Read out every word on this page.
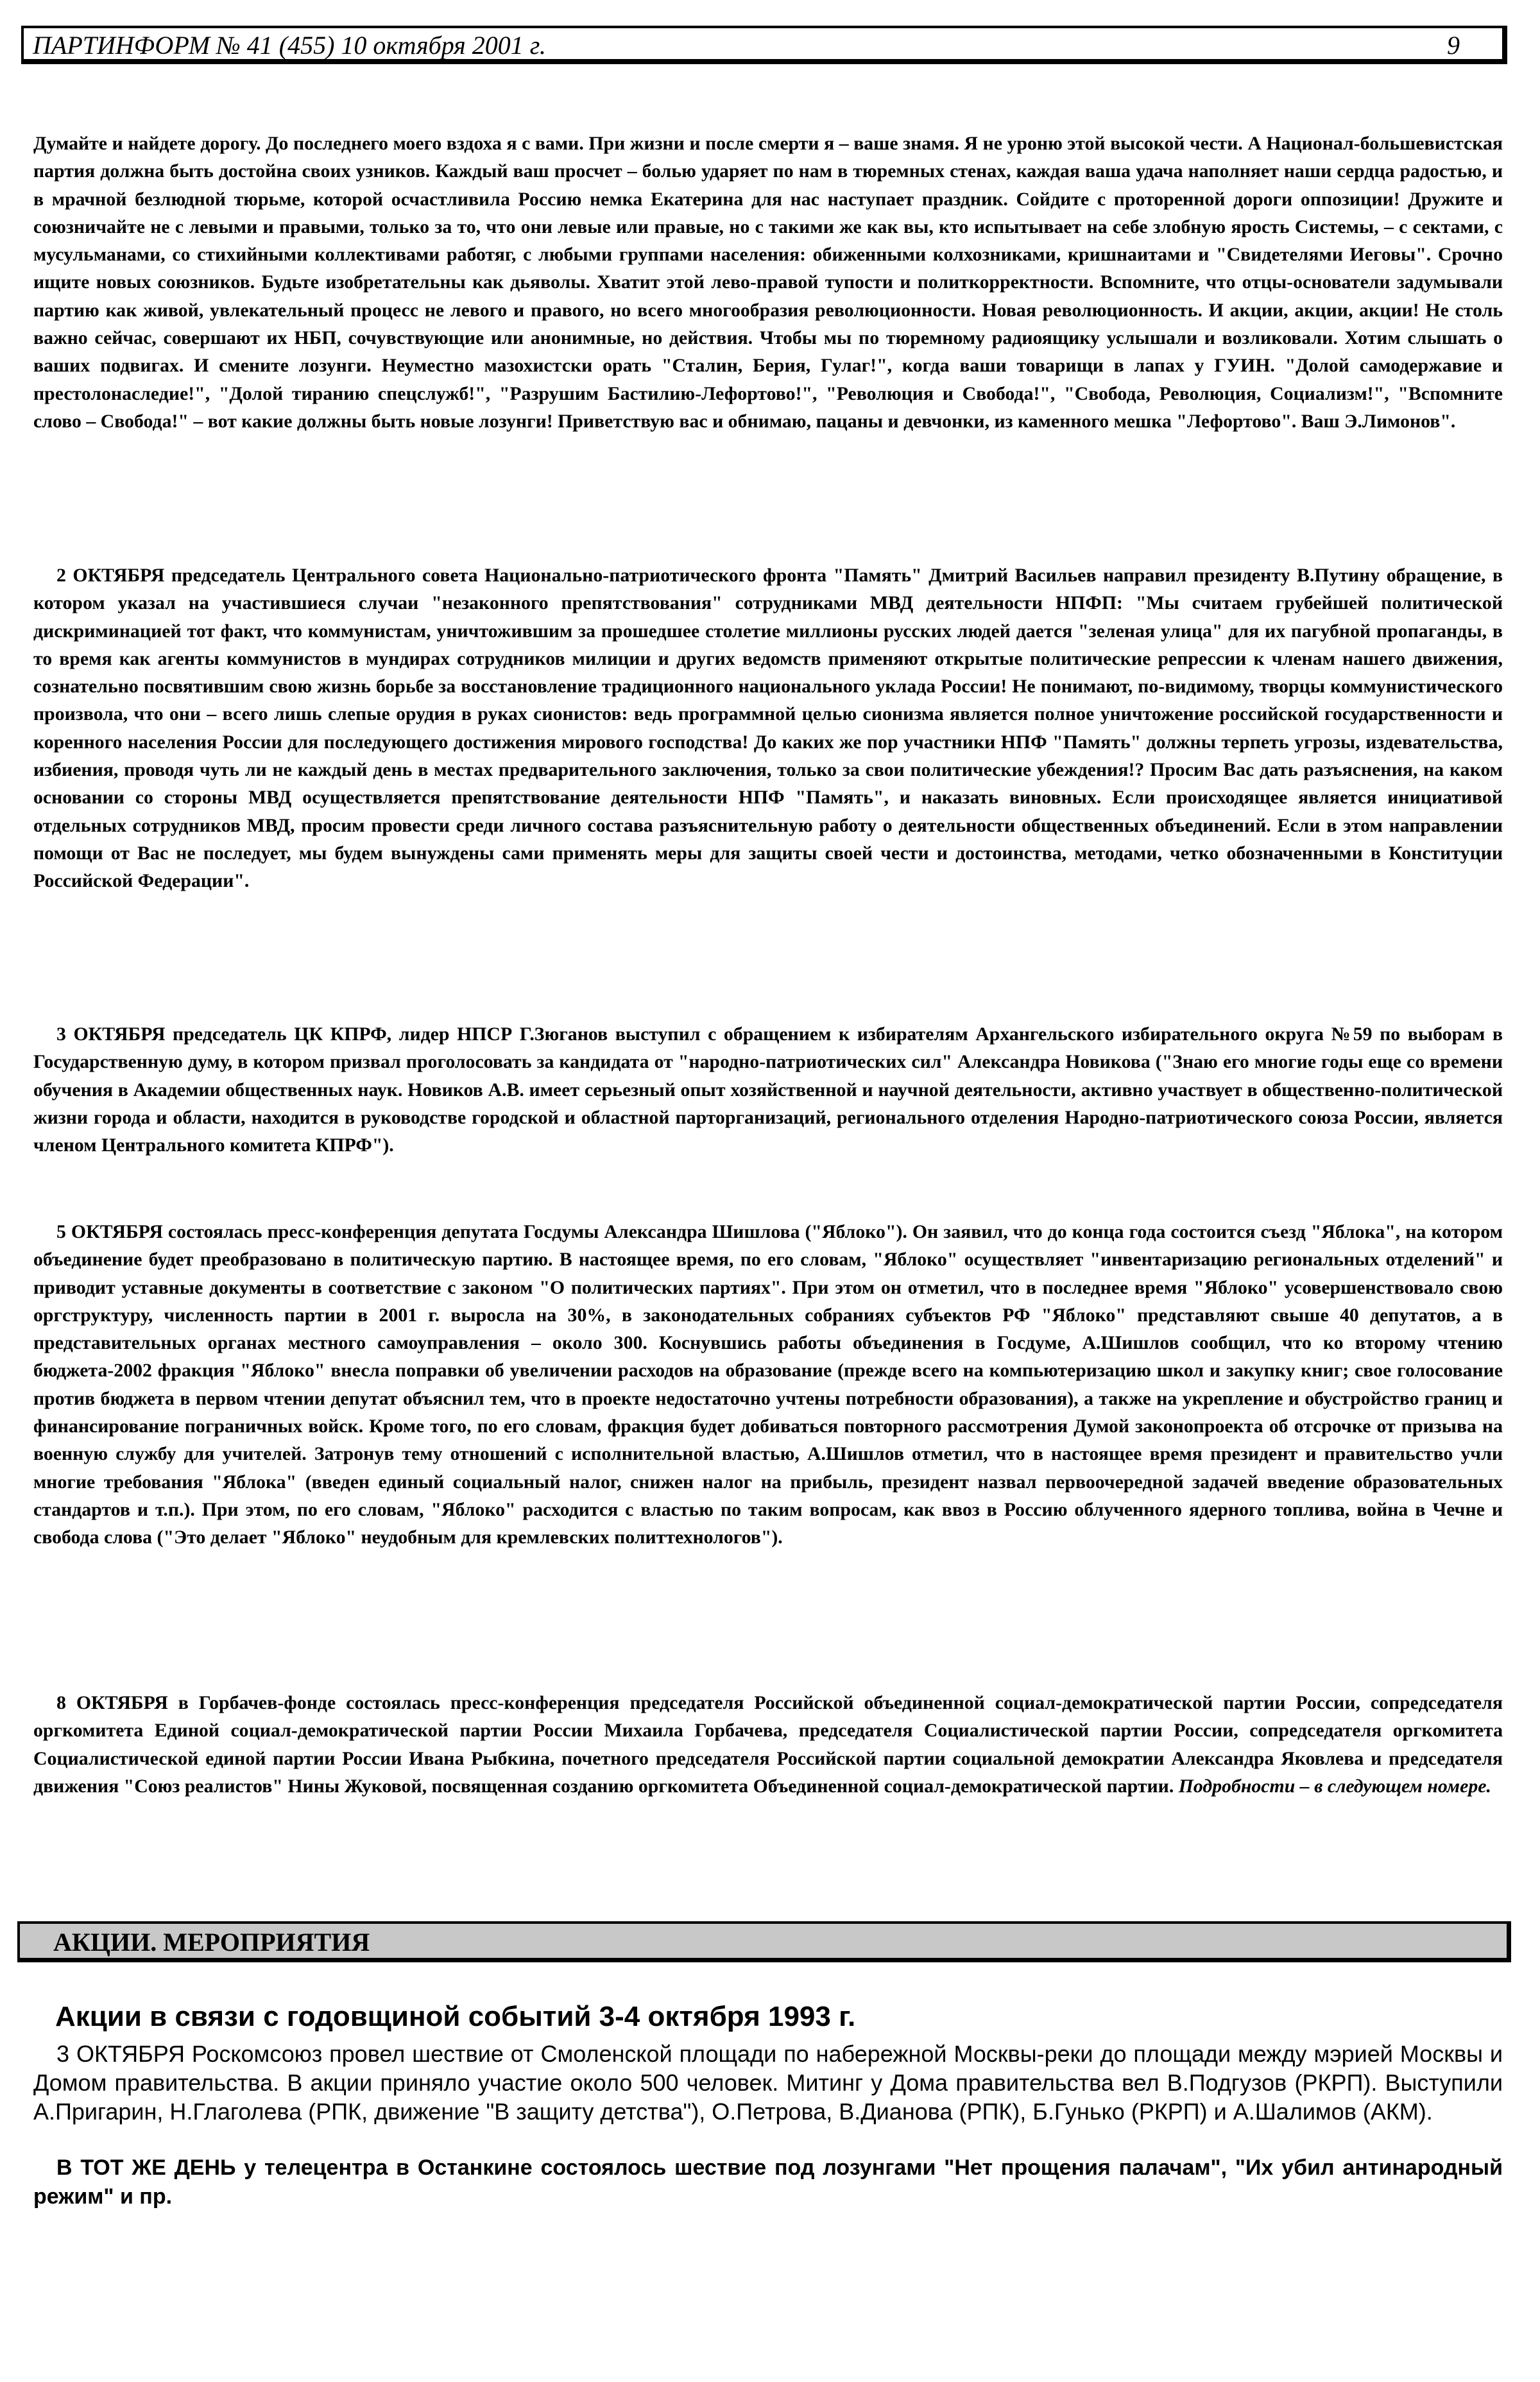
ПАРТИНФОРМ № 41 (455) 10 октября 2001 г.	9

Думайте и найдете дорогу. До последнего моего вздоха я с вами. При жизни и после смерти я – ваше знамя. Я не уроню этой высокой чести. А Национал-большевистская партия должна быть достойна своих узников. Каждый ваш просчет – болью ударяет по нам в тюремных стенах, каждая ваша удача наполняет наши сердца радостью, и в мрачной безлюдной тюрьме, которой осчастливила Россию немка Екатерина для нас наступает праздник. Сойдите с проторенной дороги оппозиции! Дружите и союзничайте не с левыми и правыми, только за то, что они левые или правые, но с такими же как вы, кто испытывает на себе злобную ярость Системы, – с сектами, с мусульманами, со стихийными коллективами работяг, с любыми группами населения: обиженными колхозниками, кришнаитами и "Свидетелями Иеговы". Срочно ищите новых союзников. Будьте изобретательны как дьяволы. Хватит этой лево-правой тупости и политкорректности. Вспомните, что отцы-основатели задумывали партию как живой, увлекательный процесс не левого и правого, но всего многообразия революционности. Новая революционность. И акции, акции, акции! Не столь важно сейчас, совершают их НБП, сочувствующие или анонимные, но действия. Чтобы мы по тюремному радиоящику услышали и возликовали. Хотим слышать о ваших подвигах. И смените лозунги. Неуместно мазохистски орать "Сталин, Берия, Гулаг!", когда ваши товарищи в лапах у ГУИН. "Долой самодержавие и престолонаследие!", "Долой тиранию спецслужб!", "Разрушим Бастилию-Лефортово!", "Революция и Свобода!", "Свобода, Революция, Социализм!", "Вспомните слово – Свобода!" – вот какие должны быть новые лозунги! Приветствую вас и обнимаю, пацаны и девчонки, из каменного мешка "Лефортово". Ваш Э.Лимонов".

2 ОКТЯБРЯ председатель Центрального совета Национально-патриотического фронта "Память" Дмитрий Васильев направил президенту В.Путину обращение, в котором указал на участившиеся случаи "незаконного препятствования" сотрудниками МВД деятельности НПФП: "Мы считаем грубейшей политической дискриминацией тот факт, что коммунистам, уничтожившим за прошедшее столетие миллионы русских людей дается "зеленая улица" для их пагубной пропаганды, в то время как агенты коммунистов в мундирах сотрудников милиции и других ведомств применяют открытые политические репрессии к членам нашего движения, сознательно посвятившим свою жизнь борьбе за восстановление традиционного национального уклада России! Не понимают, по-видимому, творцы коммунистического произвола, что они – всего лишь слепые орудия в руках сионистов: ведь программной целью сионизма является полное уничтожение российской государственности и коренного населения России для последующего достижения мирового господства! До каких же пор участники НПФ "Память" должны терпеть угрозы, издевательства, избиения, проводя чуть ли не каждый день в местах предварительного заключения, только за свои политические убеждения!? Просим Вас дать разъяснения, на каком основании со стороны МВД осуществляется препятствование деятельности НПФ "Память", и наказать виновных. Если происходящее является инициативой отдельных сотрудников МВД, просим провести среди личного состава разъяснительную работу о деятельности общественных объединений. Если в этом направлении помощи от Вас не последует, мы будем вынуждены сами применять меры для защиты своей чести и достоинства, методами, четко обозначенными в Конституции Российской Федерации".

3 ОКТЯБРЯ председатель ЦК КПРФ, лидер НПСР Г.Зюганов выступил с обращением к избирателям Архангельского избирательного округа №59 по выборам в Государственную думу, в котором призвал проголосовать за кандидата от "народно-патриотических сил" Александра Новикова ("Знаю его многие годы еще со времени обучения в Академии общественных наук. Новиков А.В. имеет серьезный опыт хозяйственной и научной деятельности, активно участвует в общественно-политической жизни города и области, находится в руководстве городской и областной парторганизаций, регионального отделения Народно-патриотического союза России, является членом Центрального комитета КПРФ").

5 ОКТЯБРЯ состоялась пресс-конференция депутата Госдумы Александра Шишлова ("Яблоко"). Он заявил, что до конца года состоится съезд "Яблока", на котором объединение будет преобразовано в политическую партию. В настоящее время, по его словам, "Яблоко" осуществляет "инвентаризацию региональных отделений" и приводит уставные документы в соответствие с законом "О политических партиях". При этом он отметил, что в последнее время "Яблоко" усовершенствовало свою оргструктуру, численность партии в 2001 г. выросла на 30%, в законодательных собраниях субъектов РФ "Яблоко" представляют свыше 40 депутатов, а в представительных органах местного самоуправления – около 300. Коснувшись работы объединения в Госдуме, А.Шишлов сообщил, что ко второму чтению бюджета-2002 фракция "Яблоко" внесла поправки об увеличении расходов на образование (прежде всего на компьютеризацию школ и закупку книг; свое голосование против бюджета в первом чтении депутат объяснил тем, что в проекте недостаточно учтены потребности образования), а также на укрепление и обустройство границ и финансирование пограничных войск. Кроме того, по его словам, фракция будет добиваться повторного рассмотрения Думой законопроекта об отсрочке от призыва на военную службу для учителей. Затронув тему отношений с исполнительной властью, А.Шишлов отметил, что в настоящее время президент и правительство учли многие требования "Яблока" (введен единый социальный налог, снижен налог на прибыль, президент назвал первоочередной задачей введение образовательных стандартов и т.п.). При этом, по его словам, "Яблоко" расходится с властью по таким вопросам, как ввоз в Россию облученного ядерного топлива, война в Чечне и свобода слова ("Это делает "Яблоко" неудобным для кремлевских политтехнологов").

8 ОКТЯБРЯ в Горбачев-фонде состоялась пресс-конференция председателя Российской объединенной социал-демократической партии России, сопредседателя оргкомитета Единой социал-демократической партии России Михаила Горбачева, председателя Социалистической партии России, сопредседателя оргкомитета Социалистической единой партии России Ивана Рыбкина, почетного председателя Российской партии социальной демократии Александра Яковлева и председателя движения "Союз реалистов" Нины Жуковой, посвященная созданию оргкомитета Объединенной социал-демократической партии. Подробности – в следующем номере.

АКЦИИ. МЕРОПРИЯТИЯ
Акции в связи с годовщиной событий 3-4 октября 1993 г.

3 ОКТЯБРЯ Роскомсоюз провел шествие от Смоленской площади по набережной Москвы-реки до площади между мэрией Москвы и Домом правительства. В акции приняло участие около 500 человек. Митинг у Дома правительства вел В.Подгузов (РКРП). Выступили А.Пригарин, Н.Глаголева (РПК, движение "В защиту детства"), О.Петрова, В.Дианова (РПК), Б.Гунько (РКРП) и А.Шалимов (АКМ).

В ТОТ ЖЕ ДЕНЬ у телецентра в Останкине состоялось шествие под лозунгами "Нет прощения палачам", "Их убил антинародный режим" и пр.
